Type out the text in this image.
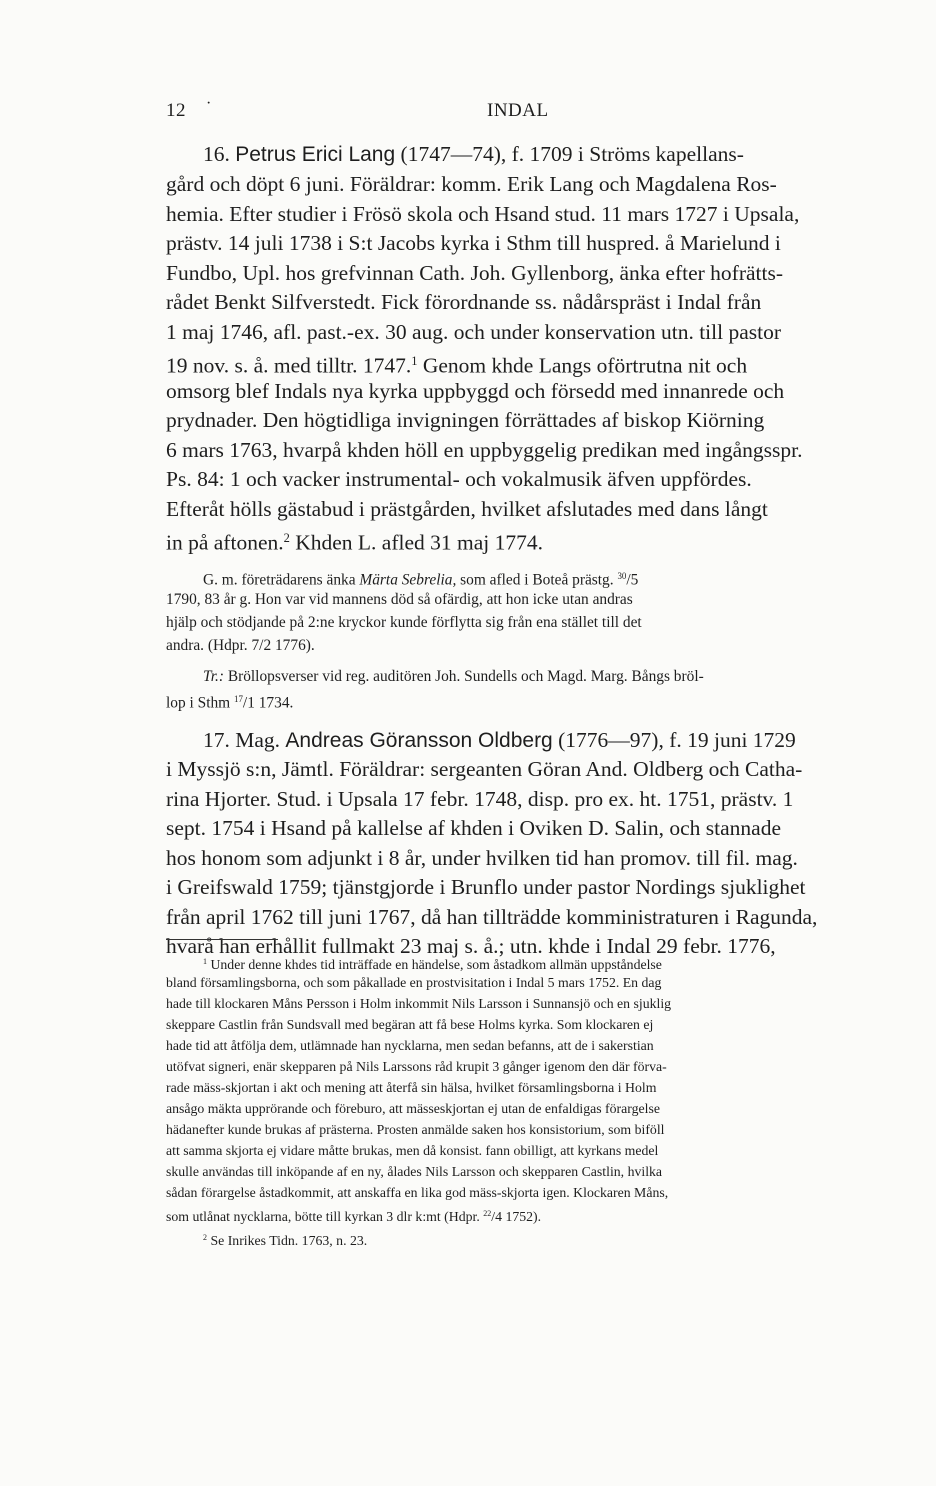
12 ·	INDAL
16. Petrus Erici Lang (1747—74), f. 1709 i Ströms kapellans-
gård och döpt 6 juni. Föräldrar: komm. Erik Lang och Magdalena Ros-
hemia. Efter studier i Frösö skola och Hsand stud. 11 mars 1727 i Upsala,
prästv. 14 juli 1738 i S:t Jacobs kyrka i Sthm till huspred. å Marielund i
Fundbo, Upl. hos grefvinnan Cath. Joh. Gyllenborg, änka efter hofrätts-
rådet Benkt Silfverstedt. Fick förordnande ss. nådårspräst i Indal från
1 maj 1746, afl. past.-ex. 30 aug. och under konservation utn. till pastor
19 nov. s. å. med tilltr. 1747.$^1$ Genom khde Langs oförtrutna nit och
omsorg blef Indals nya kyrka uppbyggd och försedd med innanrede och
prydnader. Den högtidliga invigningen förrättades af biskop Kiörning
6 mars 1763, hvarpå khden höll en uppbyggelig predikan med ingångsspr.
Ps. 84: 1 och vacker instrumental- och vokalmusik äfven uppfördes.
Efteråt hölls gästabud i prästgården, hvilket afslutades med dans långt
in på aftonen.$^2$ Khden L. afled 31 maj 1774.
G. m. företrädarens änka Märta Sebrelia, som afled i Boteå prästg. $^{30}$/5
1790, 83 år g. Hon var vid mannens död så ofärdig, att hon icke utan andras
hjälp och stödjande på 2:ne kryckor kunde förflytta sig från ena stället till det
andra. (Hdpr. 7/2 1776).
Tr.: Bröllopsverser vid reg. auditören Joh. Sundells och Magd. Marg. Bångs bröl-
lop i Sthm $^{17}$/1 1734.
17. Mag. Andreas Göransson Oldberg (1776—97), f. 19 juni 1729
i Myssjö s:n, Jämtl. Föräldrar: sergeanten Göran And. Oldberg och Catha-
rina Hjorter. Stud. i Upsala 17 febr. 1748, disp. pro ex. ht. 1751, prästv. 1
sept. 1754 i Hsand på kallelse af khden i Oviken D. Salin, och stannade
hos honom som adjunkt i 8 år, under hvilken tid han promov. till fil. mag.
i Greifswald 1759; tjänstgjorde i Brunflo under pastor Nordings sjuklighet
från april 1762 till juni 1767, då han tillträdde komministraturen i Ragunda,
hvarå han erhållit fullmakt 23 maj s. å.; utn. khde i Indal 29 febr. 1776,
$^1$ Under denne khdes tid inträffade en händelse, som åstadkom allmän uppståndelse
bland församlingsborna, och som påkallade en prostvisitation i Indal 5 mars 1752. En dag
hade till klockaren Måns Persson i Holm inkommit Nils Larsson i Sunnansjö och en sjuklig
skeppare Castlin från Sundsvall med begäran att få bese Holms kyrka. Som klockaren ej
hade tid att åtfölja dem, utlämnade han nycklarna, men sedan befanns, att de i sakerstian
utöfvat signeri, enär skepparen på Nils Larssons råd krupit 3 gånger igenom den där förva-
rade mäss-skjortan i akt och mening att återfå sin hälsa, hvilket församlingsborna i Holm
ansågo mäkta upprörande och föreburo, att mässeskjortan ej utan de enfaldigas förargelse
hädanefter kunde brukas af prästerna. Prosten anmälde saken hos konsistorium, som biföll
att samma skjorta ej vidare måtte brukas, men då konsist. fann obilligt, att kyrkans medel
skulle användas till inköpande af en ny, ålades Nils Larsson och skepparen Castlin, hvilka
sådan förargelse åstadkommit, att anskaffa en lika god mäss-skjorta igen. Klockaren Måns,
som utlånat nycklarna, bötte till kyrkan 3 dlr k:mt (Hdpr. $^{22}$/4 1752).
$^2$ Se Inrikes Tidn. 1763, n. 23.
